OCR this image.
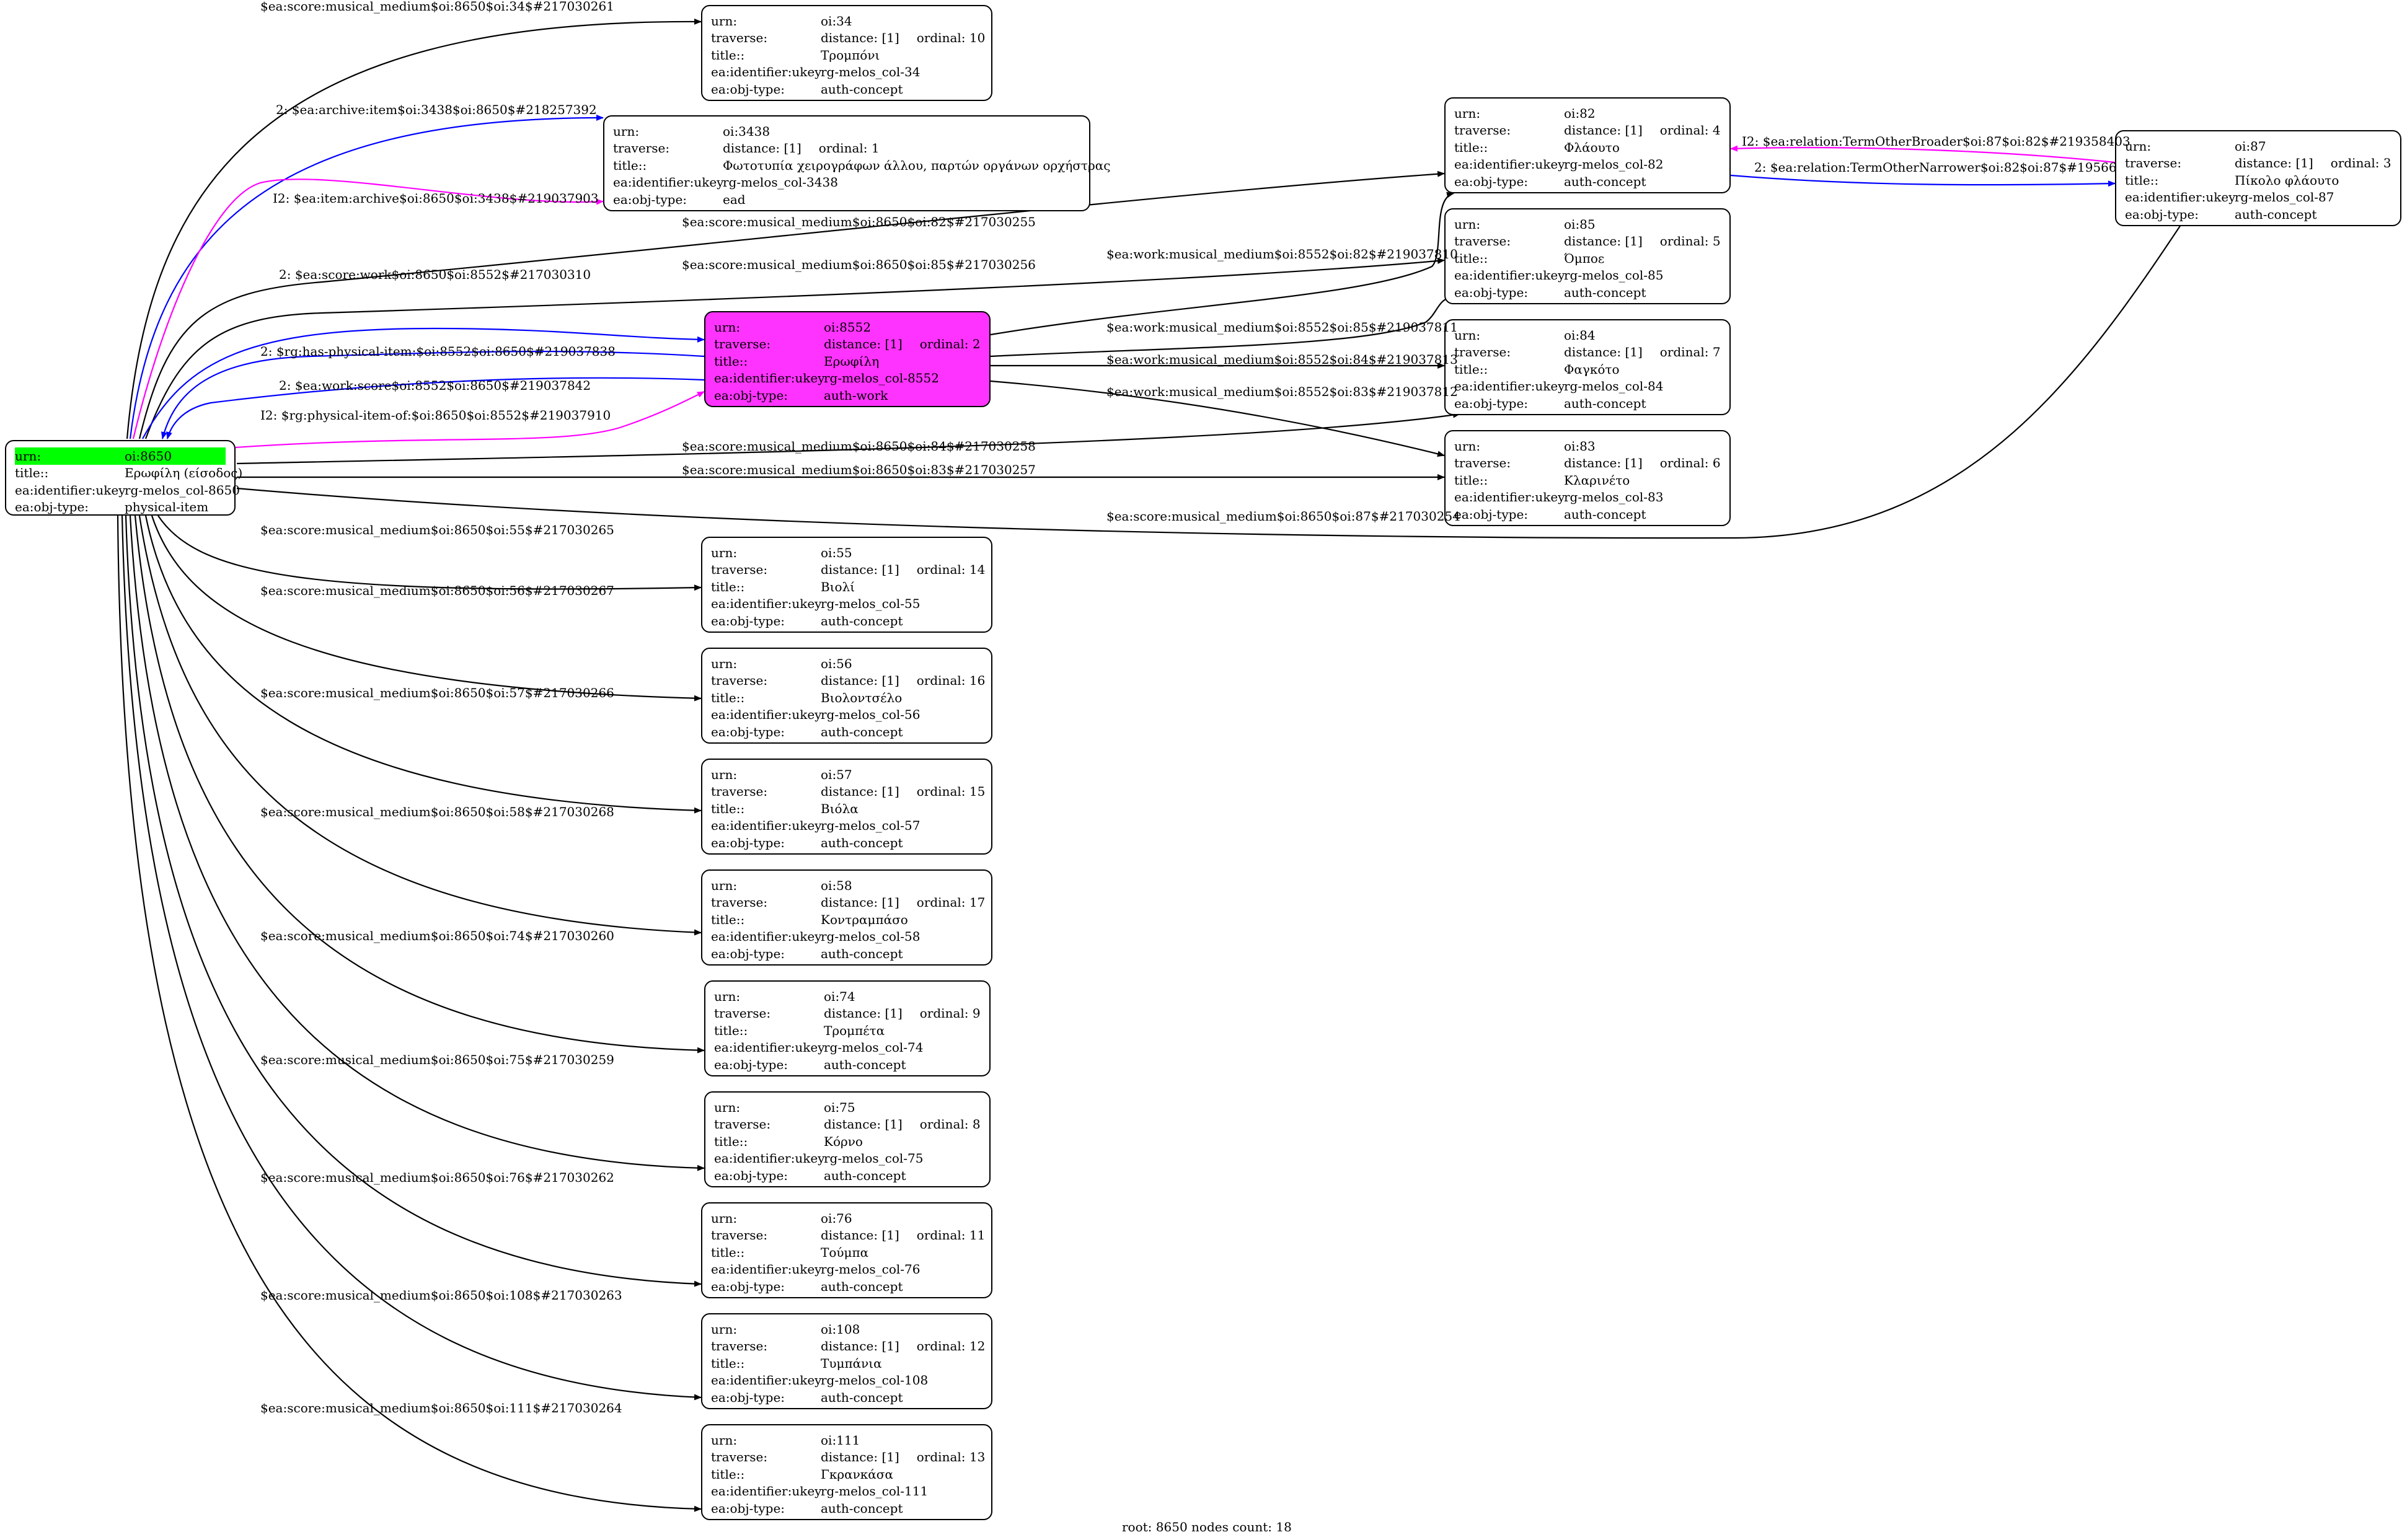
urn:	oi:8650
title::	Ερωφίλη (είσοδος)
ea:identifier:ukey
rg-melos_col-8650
ea:obj-type:	physical-item
urn:	oi:34
traverse:	distance: [1] ordinal: 10
title::	Τρομπόνι
ea:identifier:ukey
rg-melos_col-34
ea:obj-type:	auth-concept
urn:	oi:3438
traverse:	distance: [1] ordinal: 1
title::	Φωτοτυπία χειρογράφων άλλου, παρτών οργάνων ορχήστρας
ea:identifier:ukey
rg-melos_col-3438
ea:obj-type:	ead
urn:	oi:8552
traverse:	distance: [1] ordinal: 2
title::	Ερωφίλη
ea:identifier:ukey
rg-melos_col-8552
ea:obj-type:	auth-work
urn:	oi:82
traverse:	distance: [1] ordinal: 4
title::	Φλάουτο
ea:identifier:ukey
rg-melos_col-82
ea:obj-type:	auth-concept
urn:	oi:85
traverse:	distance: [1] ordinal: 5
title::	Όμποε
ea:identifier:ukey
rg-melos_col-85
ea:obj-type:	auth-concept
urn:	oi:84
traverse:	distance: [1] ordinal: 7
title::	Φαγκότο
ea:identifier:ukey
rg-melos_col-84
ea:obj-type:	auth-concept
urn:	oi:83
traverse:	distance: [1] ordinal: 6
title::	Κλαρινέτο
ea:identifier:ukey
rg-melos_col-83
ea:obj-type:	auth-concept
urn:	oi:87
traverse:	distance: [1] ordinal: 3
title::	Πίκολο φλάουτο
ea:identifier:ukey
rg-melos_col-87
ea:obj-type:	auth-concept
urn:	oi:55
traverse:	distance: [1] ordinal: 14
title::	Βιολί
ea:identifier:ukey
rg-melos_col-55
ea:obj-type:	auth-concept
urn:	oi:56
traverse:	distance: [1] ordinal: 16
title::	Βιολοντσέλο
ea:identifier:ukey
rg-melos_col-56
ea:obj-type:	auth-concept
urn:	oi:57
traverse:	distance: [1] ordinal: 15
title::	Βιόλα
ea:identifier:ukey
rg-melos_col-57
ea:obj-type:	auth-concept
urn:	oi:58
traverse:	distance: [1] ordinal: 17
title::	Κοντραμπάσο
ea:identifier:ukey
rg-melos_col-58
ea:obj-type:	auth-concept
urn:	oi:74
traverse:	distance: [1] ordinal: 9
title::	Τρομπέτα
ea:identifier:ukey
rg-melos_col-74
ea:obj-type:	auth-concept
urn:	oi:75
traverse:	distance: [1] ordinal: 8
title::	Κόρνο
ea:identifier:ukey
rg-melos_col-75
ea:obj-type:	auth-concept
urn:	oi:76
traverse:	distance: [1] ordinal: 11
title::	Τούμπα
ea:identifier:ukey
rg-melos_col-76
ea:obj-type:	auth-concept
urn:	oi:108
traverse:	distance: [1] ordinal: 12
title::	Τυμπάνια
ea:identifier:ukey
rg-melos_col-108
ea:obj-type:	auth-concept
urn:	oi:111
traverse:	distance: [1] ordinal: 13
title::	Γκρανκάσα
ea:identifier:ukey
rg-melos_col-111
ea:obj-type:	auth-concept
$ea:score:musical_medium$oi:8650$oi:34$#217030261
2: $ea:archive:item$oi:3438$oi:8650$#218257392
I2: $ea:item:archive$oi:8650$oi:3438$#219037903
$ea:score:musical_medium$oi:8650$oi:82$#217030255
$ea:score:musical_medium$oi:8650$oi:85$#217030256
2: $ea:score:work$oi:8650$oi:8552$#217030310
2: $rg:has-physical-item:$oi:8552$oi:8650$#219037838
2: $ea:work:score$oi:8552$oi:8650$#219037842
I2: $rg:physical-item-of:$oi:8650$oi:8552$#219037910
$ea:score:musical_medium$oi:8650$oi:84$#217030258
$ea:score:musical_medium$oi:8650$oi:83$#217030257
$ea:score:musical_medium$oi:8650$oi:87$#217030254
$ea:score:musical_medium$oi:8650$oi:55$#217030265
$ea:score:musical_medium$oi:8650$oi:56$#217030267
$ea:score:musical_medium$oi:8650$oi:57$#217030266
$ea:score:musical_medium$oi:8650$oi:58$#217030268
$ea:score:musical_medium$oi:8650$oi:74$#217030260
$ea:score:musical_medium$oi:8650$oi:75$#217030259
$ea:score:musical_medium$oi:8650$oi:76$#217030262
$ea:score:musical_medium$oi:8650$oi:108$#217030263
$ea:score:musical_medium$oi:8650$oi:111$#217030264
$ea:work:musical_medium$oi:8552$oi:82$#219037810
$ea:work:musical_medium$oi:8552$oi:85$#219037811
$ea:work:musical_medium$oi:8552$oi:84$#219037813
$ea:work:musical_medium$oi:8552$oi:83$#219037812
2: $ea:relation:TermOtherNarrower$oi:82$oi:87$#19566
I2: $ea:relation:TermOtherBroader$oi:87$oi:82$#219358403
root: 8650 nodes count: 18
